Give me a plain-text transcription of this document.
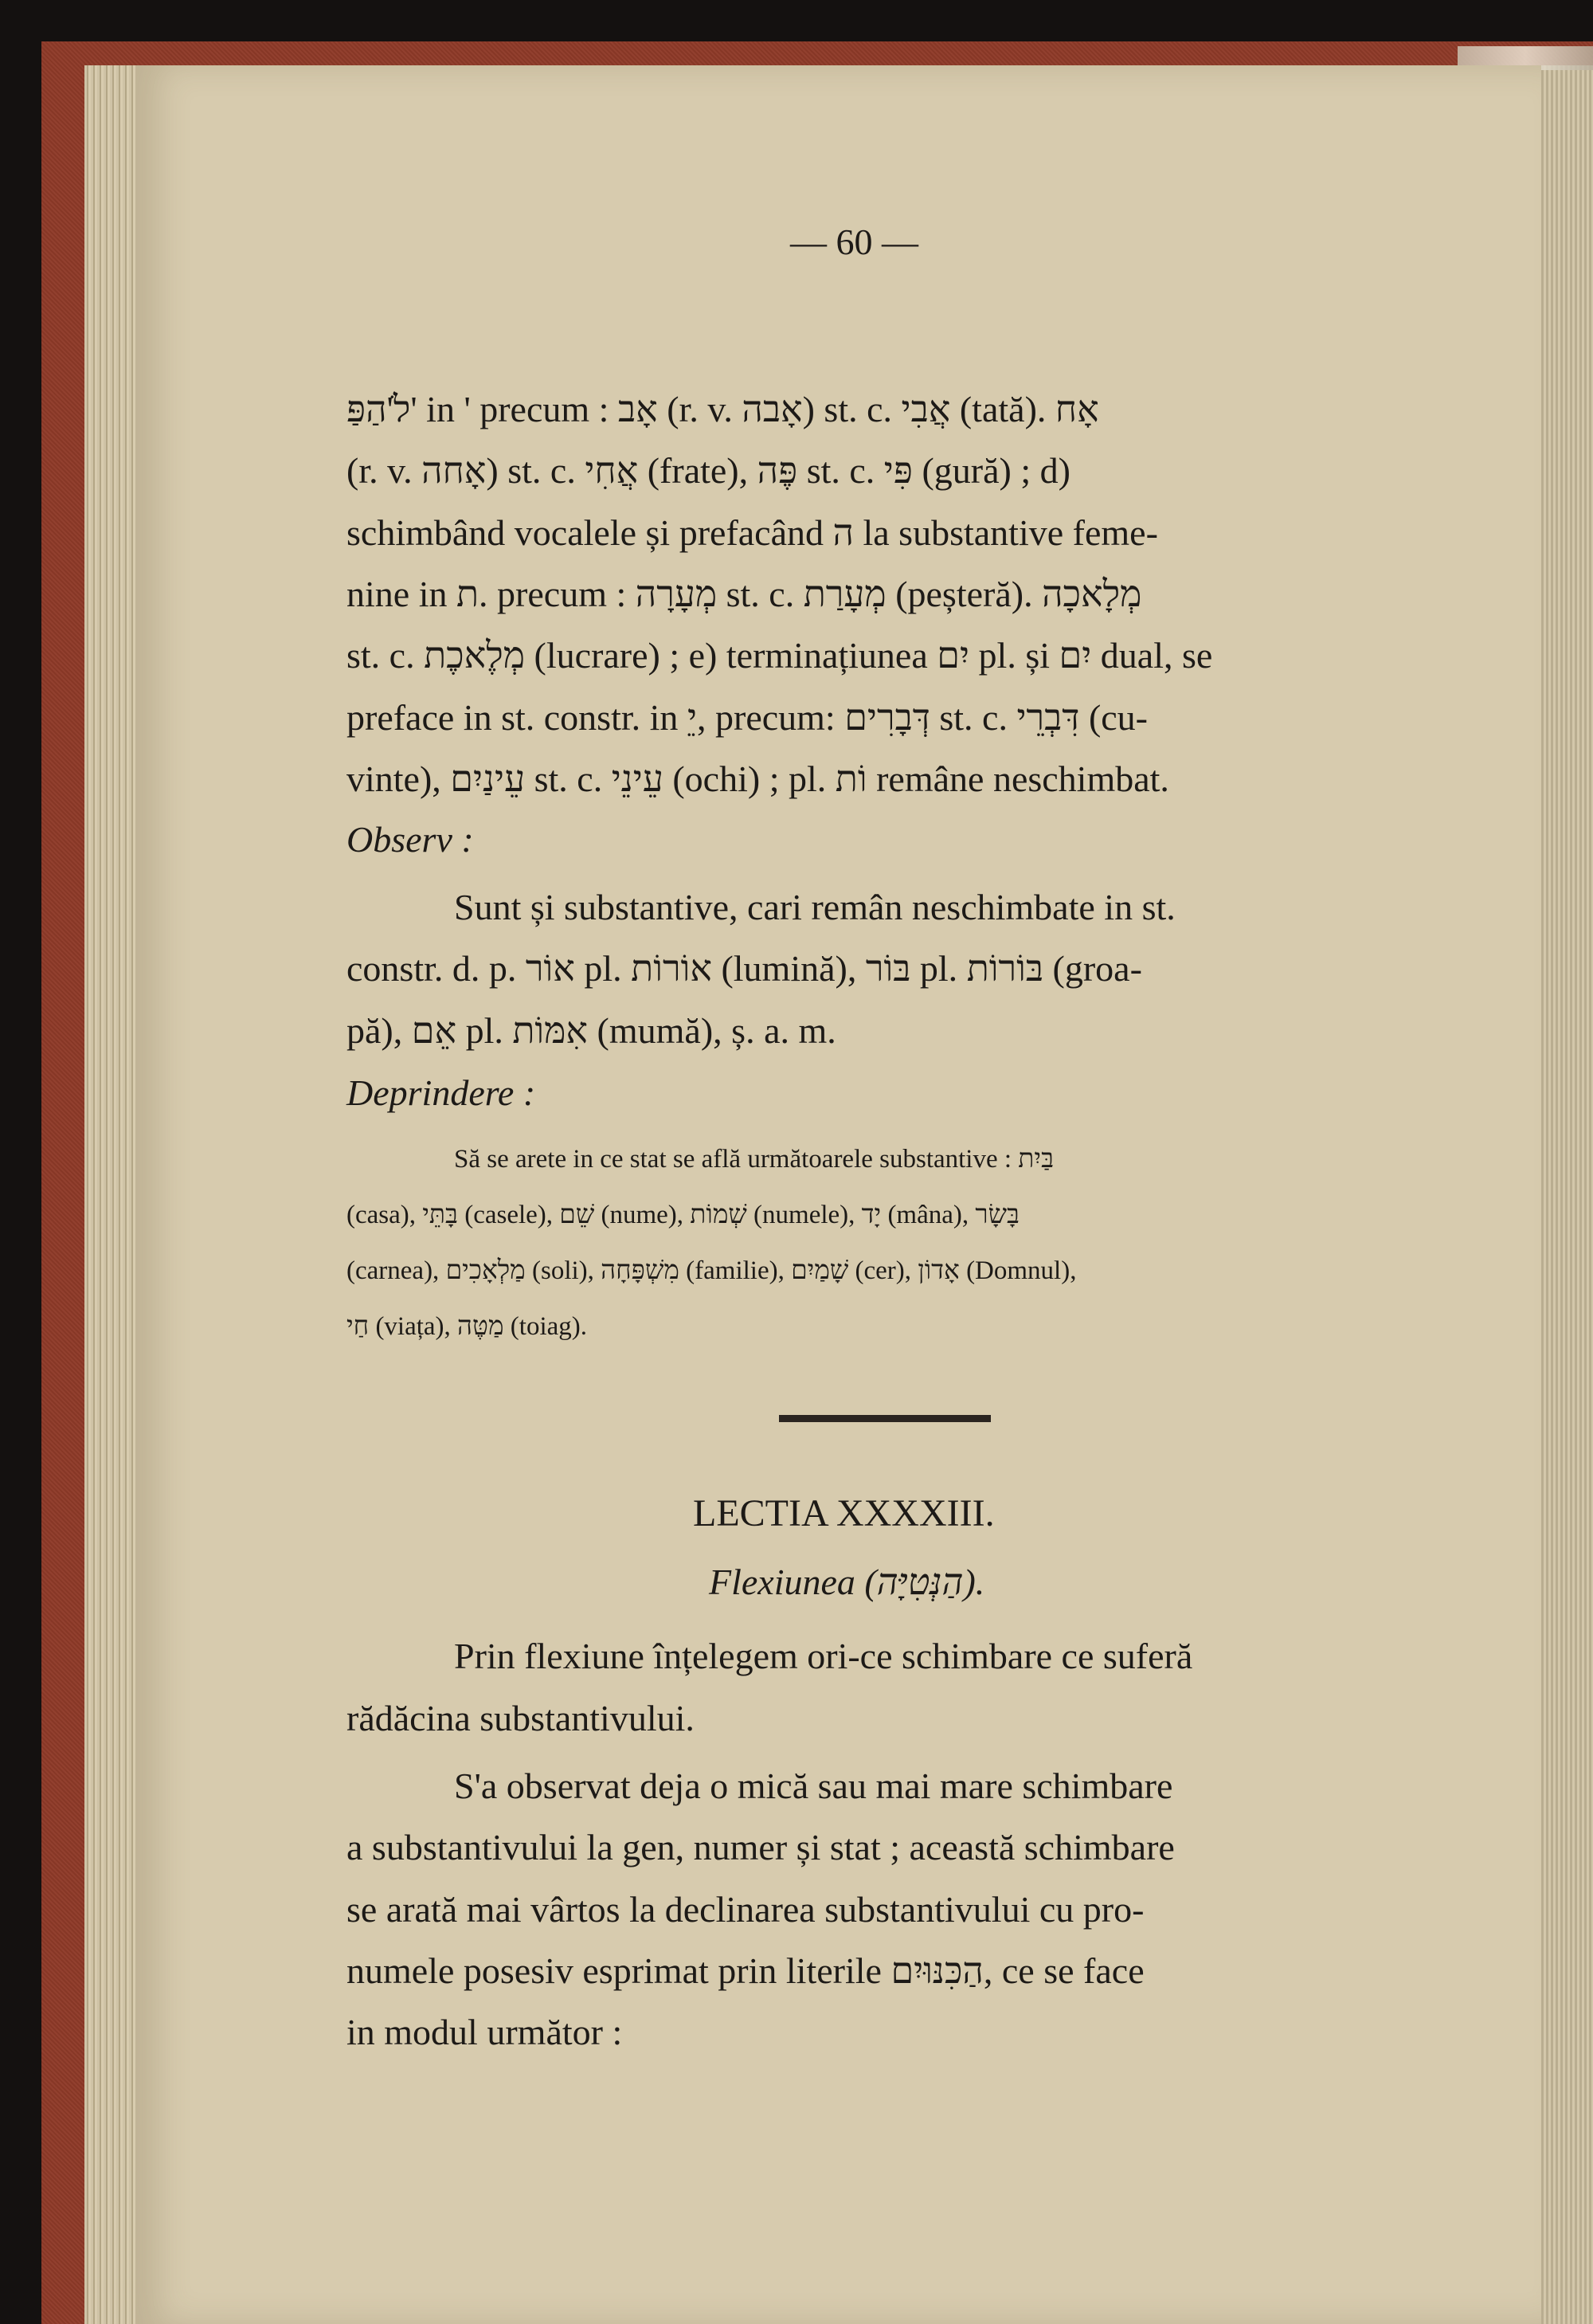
— 60 —
לֹ'הַפַּ' in ' precum : אָב (r. v. אָבה) st. c. אֲבִי (tată). אָח
(r. v. אָחה) st. c. אֲחִי (frate), פֶּה st. c. פִּי (gură) ; d)
schimbând vocalele și prefacând ה la substantive feme-
nine in ת. precum : מְעָרָה st. c. מְעָרַת (peșteră). מְלָאכָה
st. c. מְלֶאכֶת (lucrare) ; e) terminațiunea יִם pl. și יִם dual, se
preface in st. constr. in יֵ, precum: דְּבָרִים st. c. דִּבְרֵי (cu-
vinte), עֵינַיִם st. c. עֵינֵי (ochi) ; pl. וֹת remâne neschimbat.
Observ :
Sunt și substantive, cari remân neschimbate in st.
constr. d. p. אוֹר pl. אוֹרוֹת (lumină), בּוֹר pl. בּוֹרוֹת (groa-
pă), אֵם pl. אִמּוֹת (mumă), ș. a. m.
Deprindere :
Să se arete in ce stat se află următoarele substantive : בַּיִת
(casa), בָּתֵּי (casele), שֵׁם (nume), שְׁמוֹת (numele), יָד (mâna), בָּשָׂר
(carnea), מַלְאָכִים (soli), מִשְׁפָּחָה (familie), שָׁמַיִם (cer), אָדוֹן (Domnul),
חַי (viața), מַטֶּה (toiag).
LECTIA XXXXIII.
Flexiunea (הַנְּטִיָּה).
Prin flexiune înțelegem ori-ce schimbare ce suferă
rădăcina substantivului.
S'a observat deja o mică sau mai mare schimbare
a substantivului la gen, numer și stat ; această schimbare
se arată mai vârtos la declinarea substantivului cu pro-
numele posesiv esprimat prin literile הַכִּנּוּיִם, ce se face
in modul următor :
